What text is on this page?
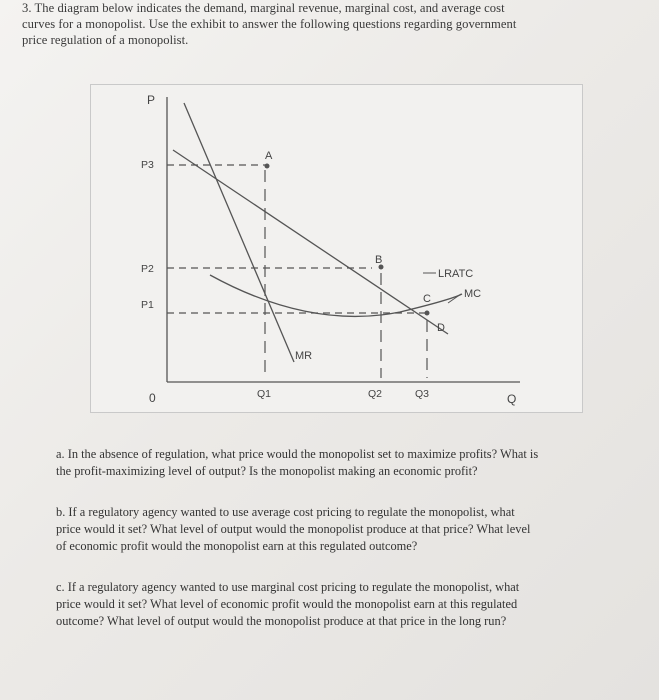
3. The diagram below indicates the demand, marginal revenue, marginal cost, and average cost
curves for a monopolist. Use the exhibit to answer the following questions regarding government
price regulation of a monopolist.
P
Q
0
P3
P2
P1
Q1	Q2	Q3
A
B
C
D
MR
LRATC
MC
a. In the absence of regulation, what price would the monopolist set to maximize profits? What is
the profit-maximizing level of output? Is the monopolist making an economic profit?
b. If a regulatory agency wanted to use average cost pricing to regulate the monopolist, what
price would it set? What level of output would the monopolist produce at that price? What level
of economic profit would the monopolist earn at this regulated outcome?
c. If a regulatory agency wanted to use marginal cost pricing to regulate the monopolist, what
price would it set? What level of economic profit would the monopolist earn at this regulated
outcome? What level of output would the monopolist produce at that price in the long run?
